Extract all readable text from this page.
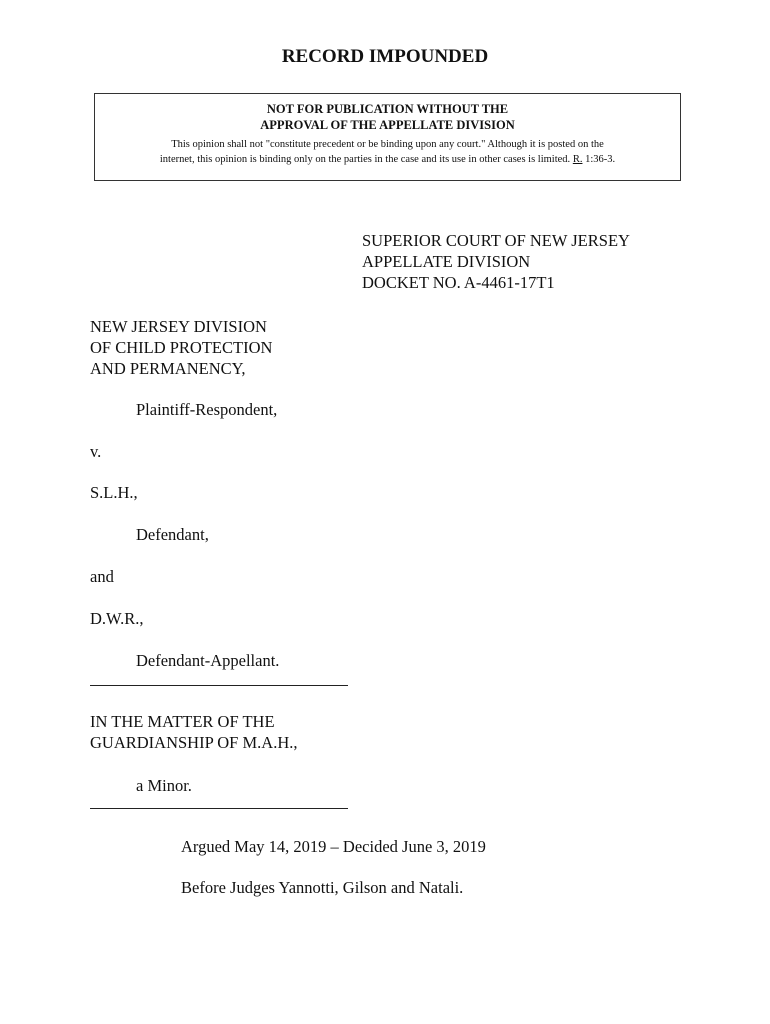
RECORD IMPOUNDED
NOT FOR PUBLICATION WITHOUT THE
APPROVAL OF THE APPELLATE DIVISION
This opinion shall not "constitute precedent or be binding upon any court." Although it is posted on the
internet, this opinion is binding only on the parties in the case and its use in other cases is limited. R. 1:36-3.
SUPERIOR COURT OF NEW JERSEY
APPELLATE DIVISION
DOCKET NO. A-4461-17T1
NEW JERSEY DIVISION
OF CHILD PROTECTION
AND PERMANENCY,
Plaintiff-Respondent,
v.
S.L.H.,
Defendant,
and
D.W.R.,
Defendant-Appellant.
IN THE MATTER OF THE
GUARDIANSHIP OF M.A.H.,
a Minor.
Argued May 14, 2019 – Decided June 3, 2019
Before Judges Yannotti, Gilson and Natali.
